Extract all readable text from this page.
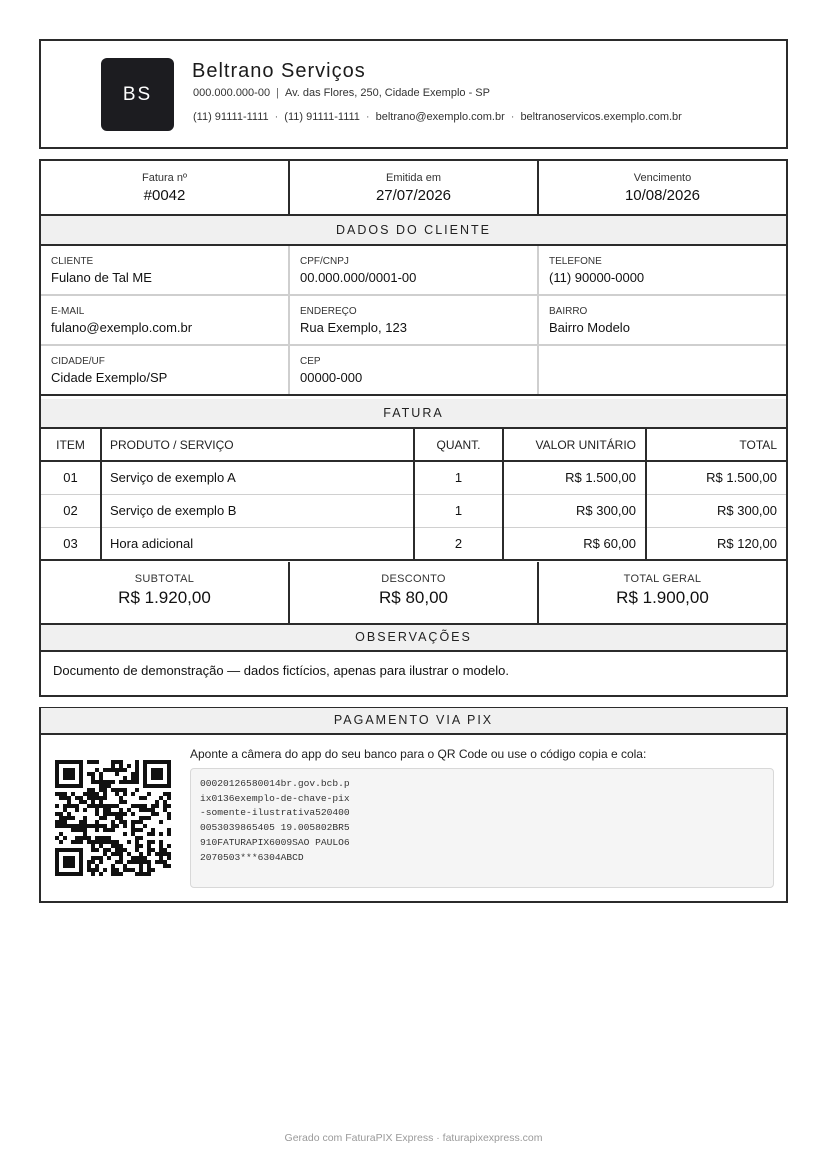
BS
Beltrano Serviços
000.000.000-00 | Av. das Flores, 250, Cidade Exemplo - SP
(11) 91111-1111 · (11) 91111-1111 · beltrano@exemplo.com.br · beltranoservicos.exemplo.com.br
Fatura nº
#0042
Emitida em
27/07/2026
Vencimento
10/08/2026
DADOS DO CLIENTE
CLIENTE
Fulano de Tal ME
CPF/CNPJ
00.000.000/0001-00
TELEFONE
(11) 90000-0000
E-MAIL
fulano@exemplo.com.br
ENDEREÇO
Rua Exemplo, 123
BAIRRO
Bairro Modelo
CIDADE/UF
Cidade Exemplo/SP
CEP
00000-000
FATURA
ITEM	PRODUTO / SERVIÇO	QUANT.	VALOR UNITÁRIO	TOTAL
01	Serviço de exemplo A	1	R$ 1.500,00	R$ 1.500,00
02	Serviço de exemplo B	1	R$ 300,00	R$ 300,00
03	Hora adicional	2	R$ 60,00	R$ 120,00
SUBTOTAL
R$ 1.920,00
DESCONTO
R$ 80,00
TOTAL GERAL
R$ 1.900,00
OBSERVAÇÕES
Documento de demonstração — dados fictícios, apenas para ilustrar o modelo.
PAGAMENTO VIA PIX
Aponte a câmera do app do seu banco para o QR Code ou use o código copia e cola:
00020126580014br.gov.bcb.pix0136exemplo-de-chave-pix-somente-ilustrativa5204000053039865405 19.005802BR5910FATURAPIX6009SAO PAULO62070503***6304ABCD
Gerado com FaturaPIX Express · faturapixexpress.com
